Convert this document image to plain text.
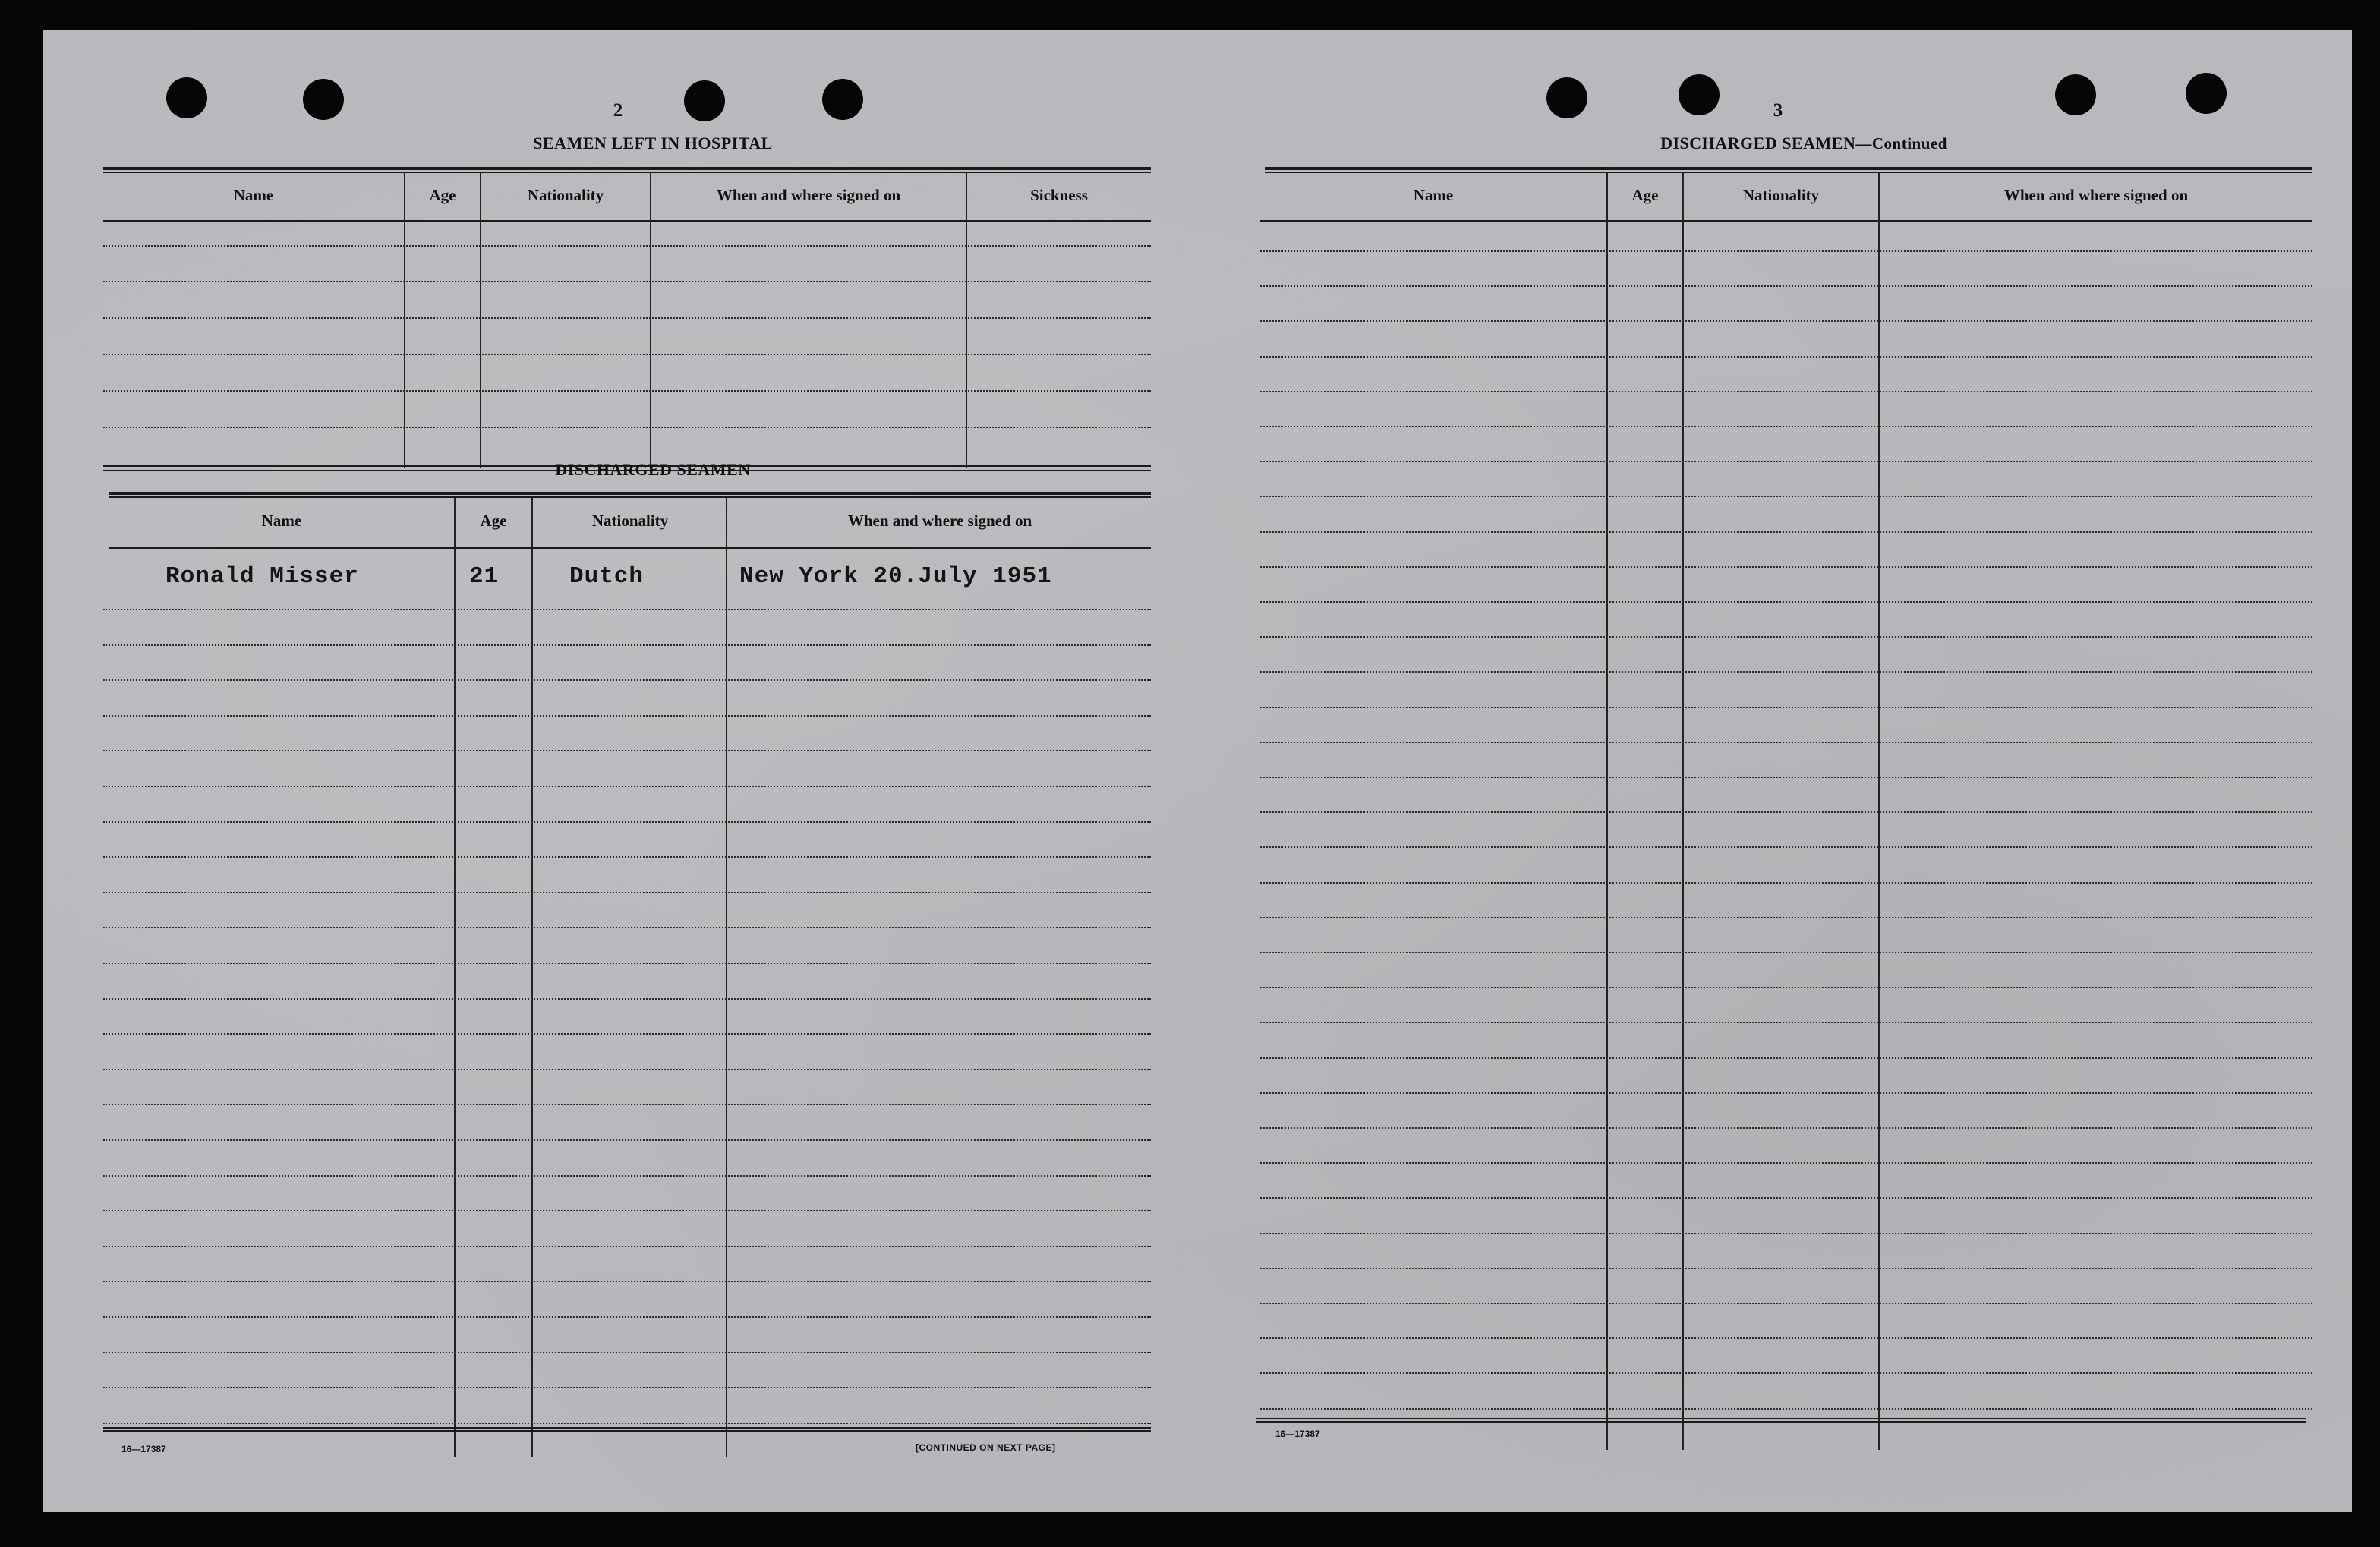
2
SEAMEN LEFT IN HOSPITAL
Name	Age	Nationality	When and where signed on	Sickness
DISCHARGED SEAMEN
Name	Age	Nationality	When and where signed on
Ronald Misser	21	Dutch	New York 20.July 1951
16—17387	[CONTINUED ON NEXT PAGE]
3
DISCHARGED SEAMEN—Continued
Name	Age	Nationality	When and where signed on
16—17387
